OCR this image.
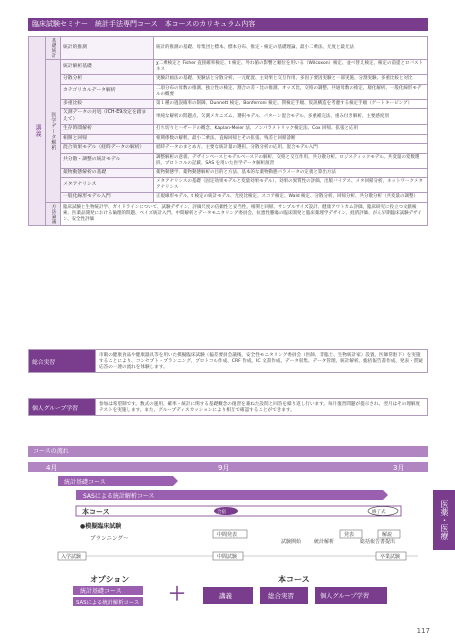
臨床試験セミナー　統計手法専門コース　本コースのカリキュラム内容
講義	基礎統計	統計的推測	統計的推測の基礎、母集団と標本、標本分布、推定・検定の基礎理論、最小二乗法、尤度と最尤法
	医学データ解析	統計解析基礎	χ二乗検定と Fisher 直接確率検定、t 検定、外れ値の影響と順位を用いる（Wilcoxon）検定、並べ替え検定、検定の前提とロバストネス
		分散分析	実験計画法の基礎、実験法と分散分析、一元配置、主効果と交互作用、多因子要因実験と一部実施、分割実験、多重比較と対比
		カテゴリカルデータ解析	二項分布の母数の推測、独立性の検定、割合の差・比の推測、オッズ比、交絡の調整、共通母数の推定、層化解析、一般化線形モデルの概要
		多重比較	第１種の過誤確率の制御、Dunnett 検定、Bonferroni 検定、閉検定手順、仮説構造を考慮する検定手順（ゲートキーピング）
		欠測データの対処（ICH-E9改定を踏まえて）	単純な解析の問題点、欠測メカニズム、選択モデル、パターン混合モデル、多重補完法、重み付き解析、主要感度別
		生存時間解析	打ち切りとハザードの概念、Kaplan-Meier 法、ノンパラメトリック検定法、Cox 回帰、拡張と応用
		相関と回帰	相関係数の解釈、最小二乗法、直線回帰とその拡張、残差と回帰診断
		混合効果モデル（経時データの解析）	経時データのまとめ方、主要な統計量の選択、分散分析の応用、混合モデル入門
		共分散・調整の統計モデル	調整解析の意義、デザインベースとモデルベースドの解析、交絡と交互作用、共分散分析、ロジスティックモデル、共変量の変数選択、プロトコルの記載、SAS を用いた医学データ解析演習
		薬物動態解析の基礎	薬物動態学、薬物動態解析の目的と方法、基本的な薬物動態パラメータの定義と算出方法
		メタアナリシス	メタアナリシスの基礎（固定効果モデルと変量効果モデル）、効果の異質性の評価、出版バイアス、メタ回帰分析、ネットワークメタアナリシス
		一般化線形モデル入門	正規線形モデル、t 検定の統計モデル、尤度比検定、スコア検定、Wald 検定、分散分析、回帰分析、共分散分析（共変量の調整）

	方法論議	臨床試験と生物統計学、ガイドラインについて、試験デザイン、評価尺度の信頼性と妥当性、相関と回帰、サンプルサイズ設計、健康アウトカム評価、臨床研究に役立つ文献検索、医薬品開発における倫理的問題、ベイズ統計入門、中間解析とデータモニタリング委員会、抗悪性腫瘍の臨床開発と臨床薬理学デザイン、経済評価、がん早期臨床試験デザイン、安全性評価	
総合実習	市販の健康食品や健康器具等を用いた模擬臨床試験（偏差要員会議後、安全性モニタリング委員会（医師、非臨士、生物統計家）設置、医師常駐下）を実施することにより、コンセプト・プランニング、プロトコル作成、CRF 作成、IC 文書作成、データ収集、データ管理、統計解析、総括報告書作成、発表・質疑応答の一連の流れを体験します。
個人グループ学習	参加は希望制です。数式の運用、確率・統計に関する基礎概念の復習を兼ねた設問と回答を繰り返し行います。毎月復習問題が提示され、翌月はその理解度テストを実施します。また、グループディスカッションにより相互で確認することができます。
コースの流れ
4月	9月	3月
統計基礎コース
SASによる統計解析コース
本コース	合宿	修了式
●模擬臨床試験
プランニング〜
中間発表
試験開始	統計解析
発表	解説
総括報告書提出
入学試験	中間試験	卒業試験
オプション
統計基礎コース
SASによる統計解析コース ＋
本コース
講義	総合実習	個人グループ学習
医薬・医療
117
